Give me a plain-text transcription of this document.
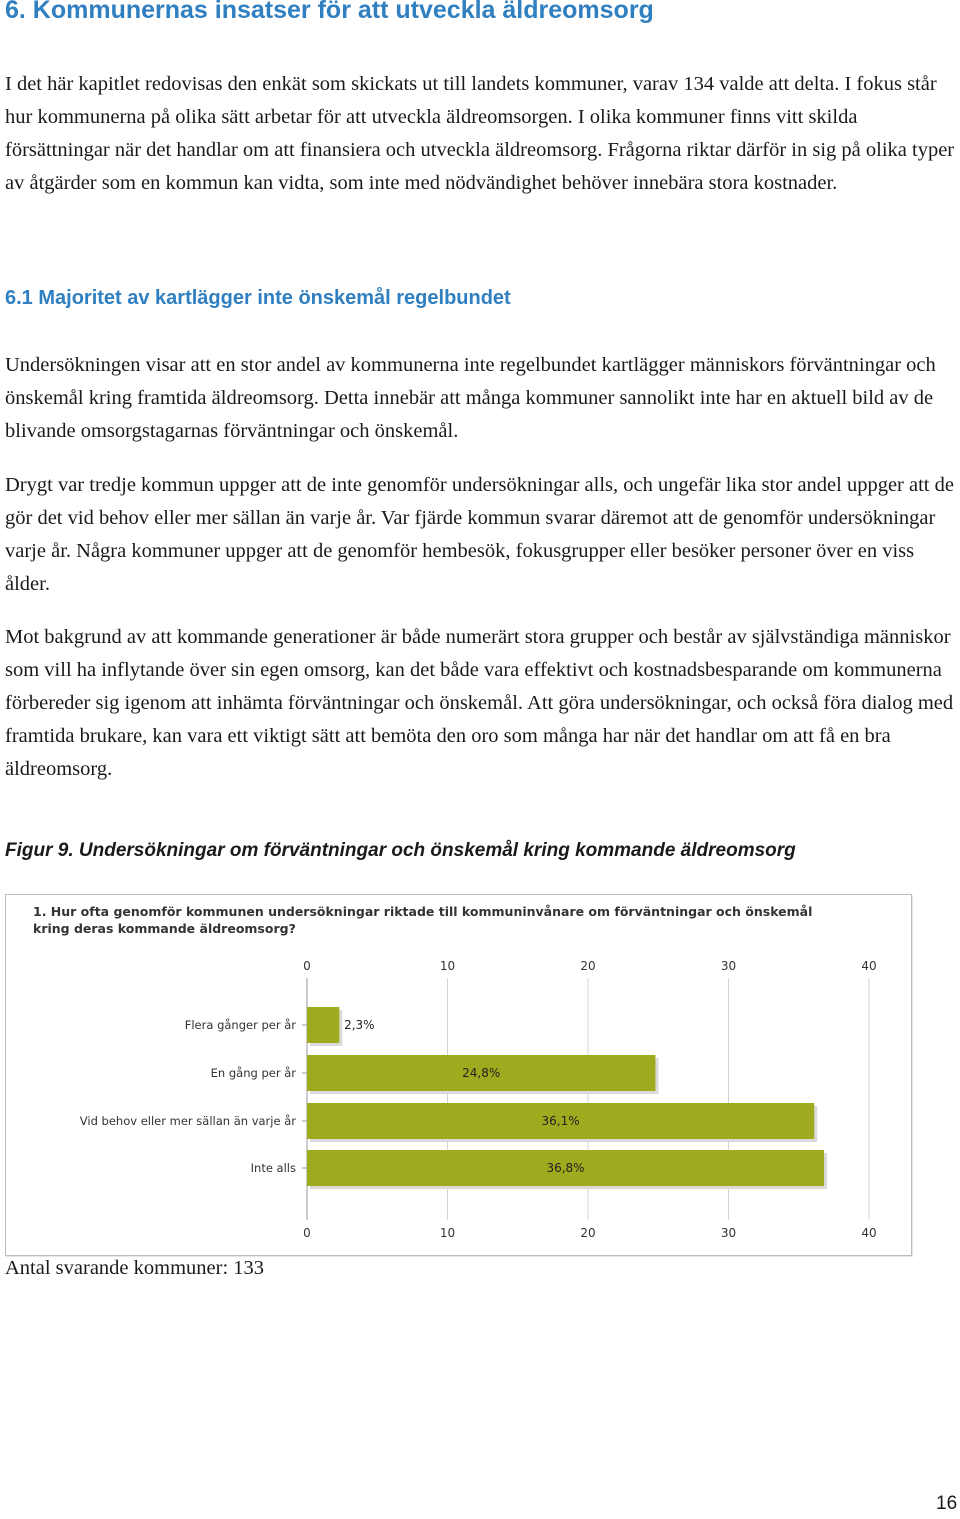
6. Kommunernas insatser för att utveckla äldreomsorg

I det här kapitlet redovisas den enkät som skickats ut till landets kommuner, varav 134 valde att delta. I fokus står hur kommunerna på olika sätt arbetar för att utveckla äldreomsorgen. I olika kommuner finns vitt skilda försättningar när det handlar om att finansiera och utveckla äldreomsorg. Frågorna riktar därför in sig på olika typer av åtgärder som en kommun kan vidta, som inte med nödvändighet behöver innebära stora kostnader.

6.1 Majoritet av kartlägger inte önskemål regelbundet

Undersökningen visar att en stor andel av kommunerna inte regelbundet kartlägger människors förväntningar och önskemål kring framtida äldreomsorg. Detta innebär att många kommuner sannolikt inte har en aktuell bild av de blivande omsorgstagarnas förväntningar och önskemål.

Drygt var tredje kommun uppger att de inte genomför undersökningar alls, och ungefär lika stor andel uppger att de gör det vid behov eller mer sällan än varje år. Var fjärde kommun svarar däremot att de genomför undersökningar varje år. Några kommuner uppger att de genomför hembesök, fokusgrupper eller besöker personer över en viss ålder.

Mot bakgrund av att kommande generationer är både numerärt stora grupper och består av självständiga människor som vill ha inflytande över sin egen omsorg, kan det både vara effektivt och kostnadsbesparande om kommunerna förbereder sig igenom att inhämta förväntningar och önskemål. Att göra undersökningar, och också föra dialog med framtida brukare, kan vara ett viktigt sätt att bemöta den oro som många har när det handlar om att få en bra äldreomsorg.

Figur 9. Undersökningar om förväntningar och önskemål kring kommande äldreomsorg

0
0
10
10
20
20
30
30
40
40
Flera gånger per år	2,3%
En gång per år	24,8%
Vid behov eller mer sällan än varje år	36,1%
Inte alls	36,8%

1. Hur ofta genomför kommunen undersökningar riktade till kommuninvånare om förväntningar och önskemål kring deras kommande äldreomsorg?

Antal svarande kommuner: 133

16
